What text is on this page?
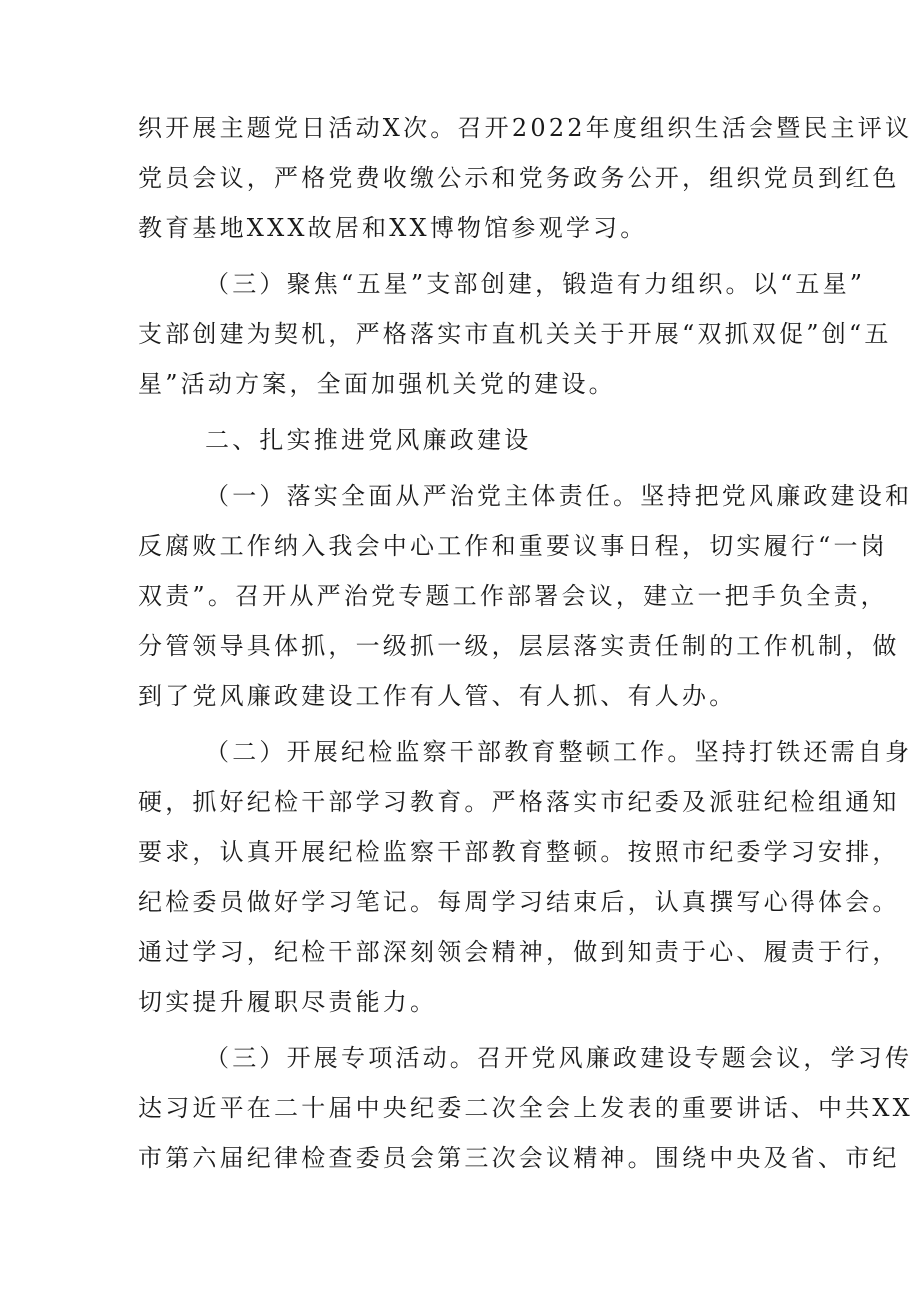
织开展主题党日活动X次。召开2022年度组织生活会暨民主评议

党员会议，严格党费收缴公示和党务政务公开，组织党员到红色

教育基地XXX故居和XX博物馆参观学习。

（三）聚焦“五星”支部创建，锻造有力组织。以“五星”

支部创建为契机，严格落实市直机关关于开展“双抓双促”创“五

星”活动方案，全面加强机关党的建设。

二、扎实推进党风廉政建设

（一）落实全面从严治党主体责任。坚持把党风廉政建设和

反腐败工作纳入我会中心工作和重要议事日程，切实履行“一岗

双责”。召开从严治党专题工作部署会议，建立一把手负全责，

分管领导具体抓，一级抓一级，层层落实责任制的工作机制，做

到了党风廉政建设工作有人管、有人抓、有人办。

（二）开展纪检监察干部教育整顿工作。坚持打铁还需自身

硬，抓好纪检干部学习教育。严格落实市纪委及派驻纪检组通知

要求，认真开展纪检监察干部教育整顿。按照市纪委学习安排，

纪检委员做好学习笔记。每周学习结束后，认真撰写心得体会。

通过学习，纪检干部深刻领会精神，做到知责于心、履责于行，

切实提升履职尽责能力。

（三）开展专项活动。召开党风廉政建设专题会议，学习传

达习近平在二十届中央纪委二次全会上发表的重要讲话、中共XX

市第六届纪律检查委员会第三次会议精神。围绕中央及省、市纪
